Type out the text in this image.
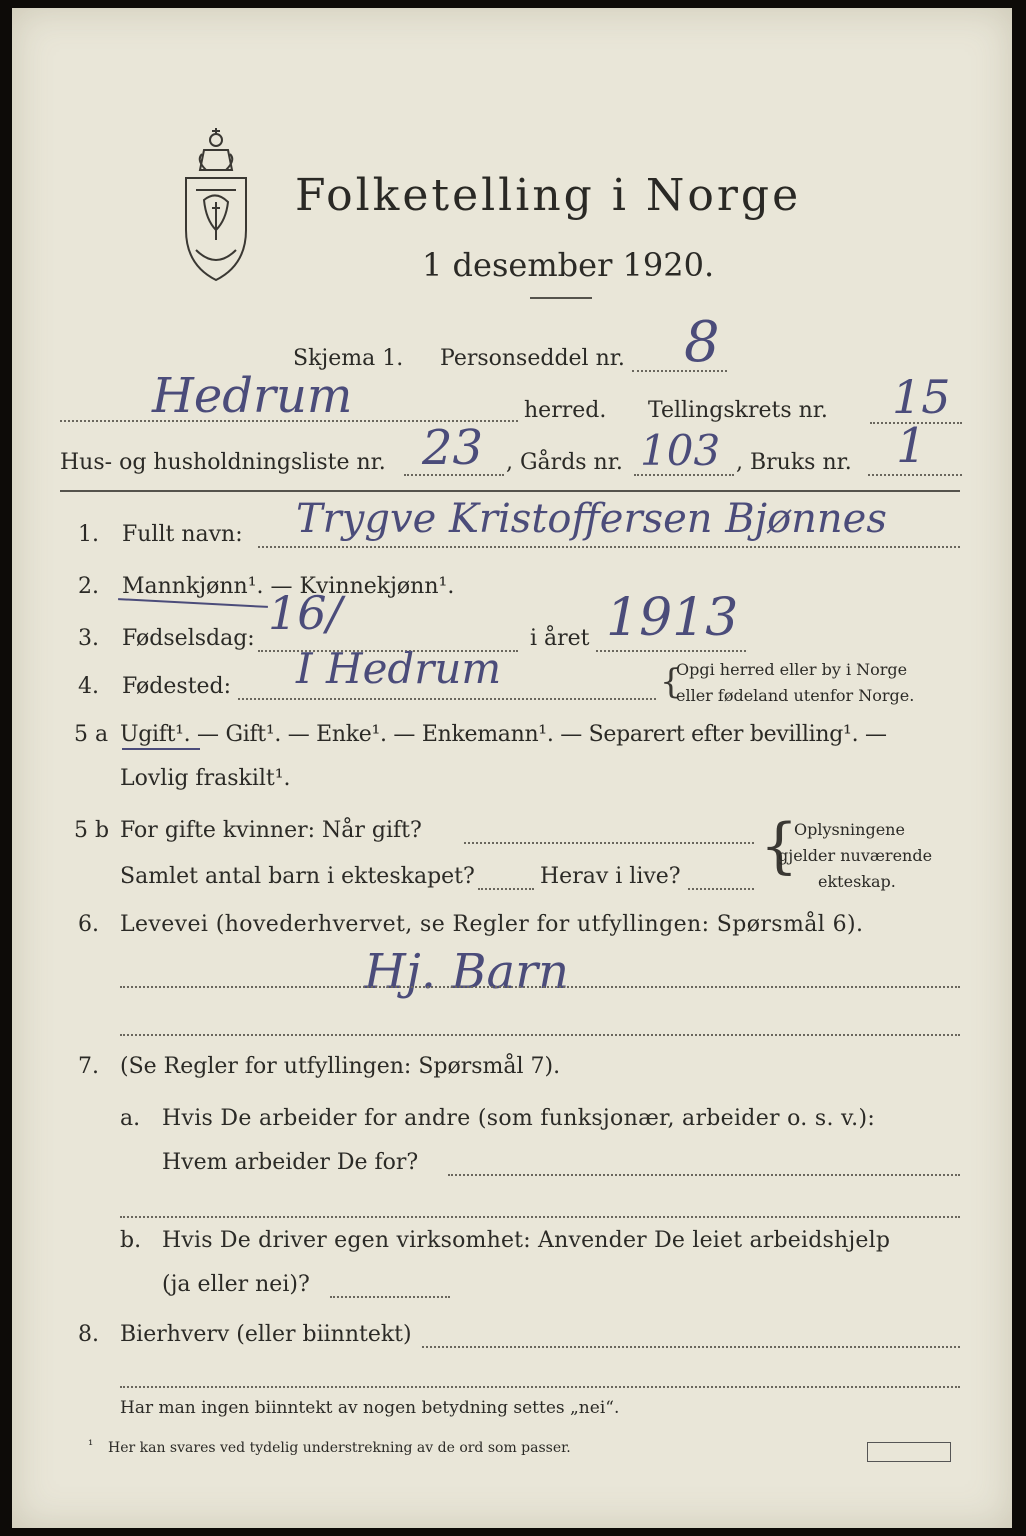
Folketelling i Norge
1 desember 1920.
Skjema 1. Personseddel nr. 8
Hedrum	herred. Tellingskrets nr. 15
Hus- og husholdningsliste nr. 23 , Gårds nr. 103 , Bruks nr. 1
1. Fullt navn: Trygve Kristoffersen Bjønnes
2. Mannkjønn¹. — Kvinnekjønn¹.
3. Fødselsdag: 16/	i året 1913
4. Fødested: I Hedrum	{
Opgi herred eller by i Norge
eller fødeland utenfor Norge.
5 a Ugift¹. — Gift¹. — Enke¹. — Enkemann¹. — Separert efter bevilling¹. —
Lovlig fraskilt¹.
5 b For gifte kvinner: Når gift?
Samlet antal barn i ekteskapet?	Herav i live? {
Oplysningene
gjelder nuværende
ekteskap.
6. Levevei (hovederhvervet, se Regler for utfyllingen: Spørsmål 6).
Hj. Barn
7. (Se Regler for utfyllingen: Spørsmål 7).
a. Hvis De arbeider for andre (som funksjonær, arbeider o. s. v.):
Hvem arbeider De for?
b. Hvis De driver egen virksomhet: Anvender De leiet arbeidshjelp
(ja eller nei)?
8. Bierhverv (eller biinntekt)
Har man ingen biinntekt av nogen betydning settes „nei“.
¹ Her kan svares ved tydelig understrekning av de ord som passer.
